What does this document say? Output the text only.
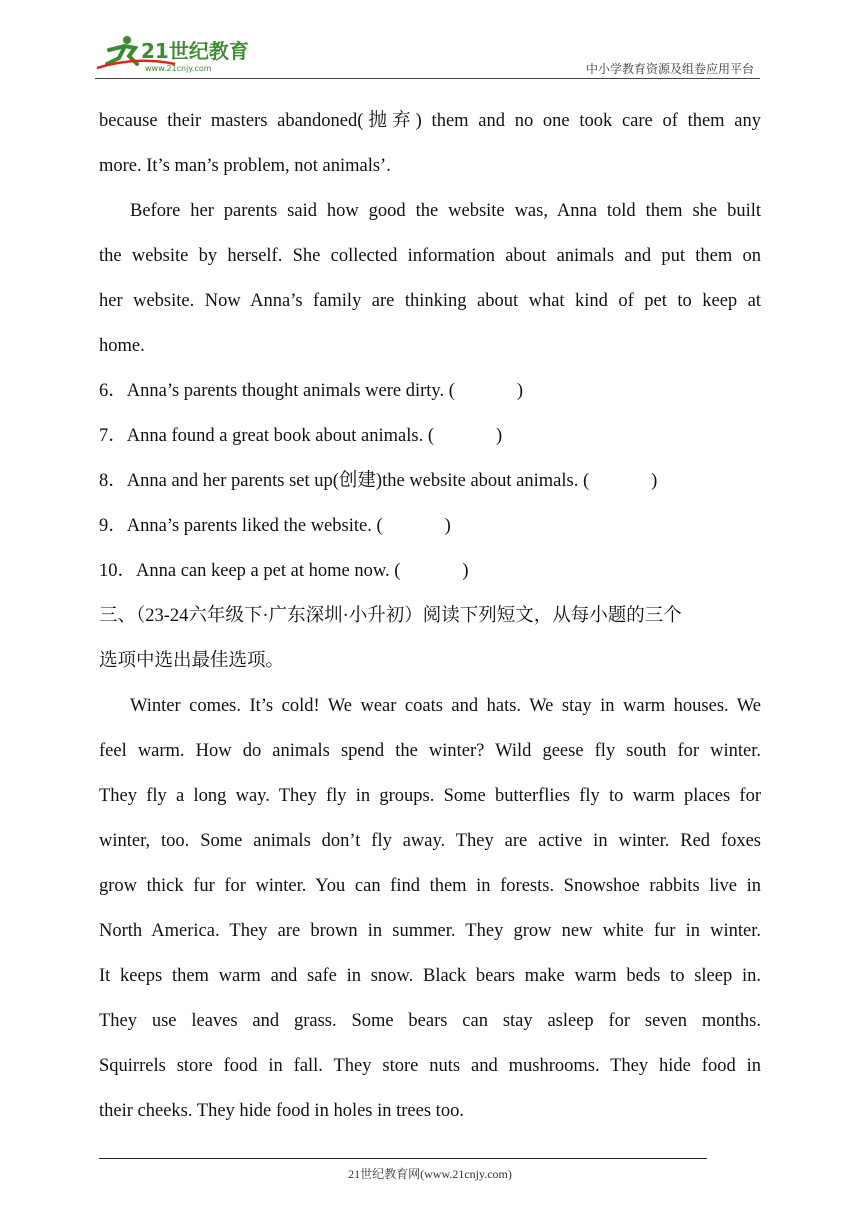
21世纪教育
www.21cnjy.com	中小学教育资源及组卷应用平台
because their masters abandoned(抛弃) them and no one took care of them any
more. It’s man’s problem, not animals’.
Before her parents said how good the website was, Anna told them she built
the website by herself. She collected information about animals and put them on
her website. Now Anna’s family are thinking about what kind of pet to keep at
home.
6．Anna’s parents thought animals were dirty. (	)
7．Anna found a great book about animals. (	)
8．Anna and her parents set up(创建)the website about animals. (	)
9．Anna’s parents liked the website. (	)
10．Anna can keep a pet at home now. (	)
三、（23-24六年级下·广东深圳·小升初）阅读下列短文，从每小题的三个
选项中选出最佳选项。
Winter comes. It’s cold! We wear coats and hats. We stay in warm houses. We
feel warm. How do animals spend the winter? Wild geese fly south for winter.
They fly a long way. They fly in groups. Some butterflies fly to warm places for
winter, too. Some animals don’t fly away. They are active in winter. Red foxes
grow thick fur for winter. You can find them in forests. Snowshoe rabbits live in
North America. They are brown in summer. They grow new white fur in winter.
It keeps them warm and safe in snow. Black bears make warm beds to sleep in.
They use leaves and grass. Some bears can stay asleep for seven months.
Squirrels store food in fall. They store nuts and mushrooms. They hide food in
their cheeks. They hide food in holes in trees too.
21世纪教育网(www.21cnjy.com)
